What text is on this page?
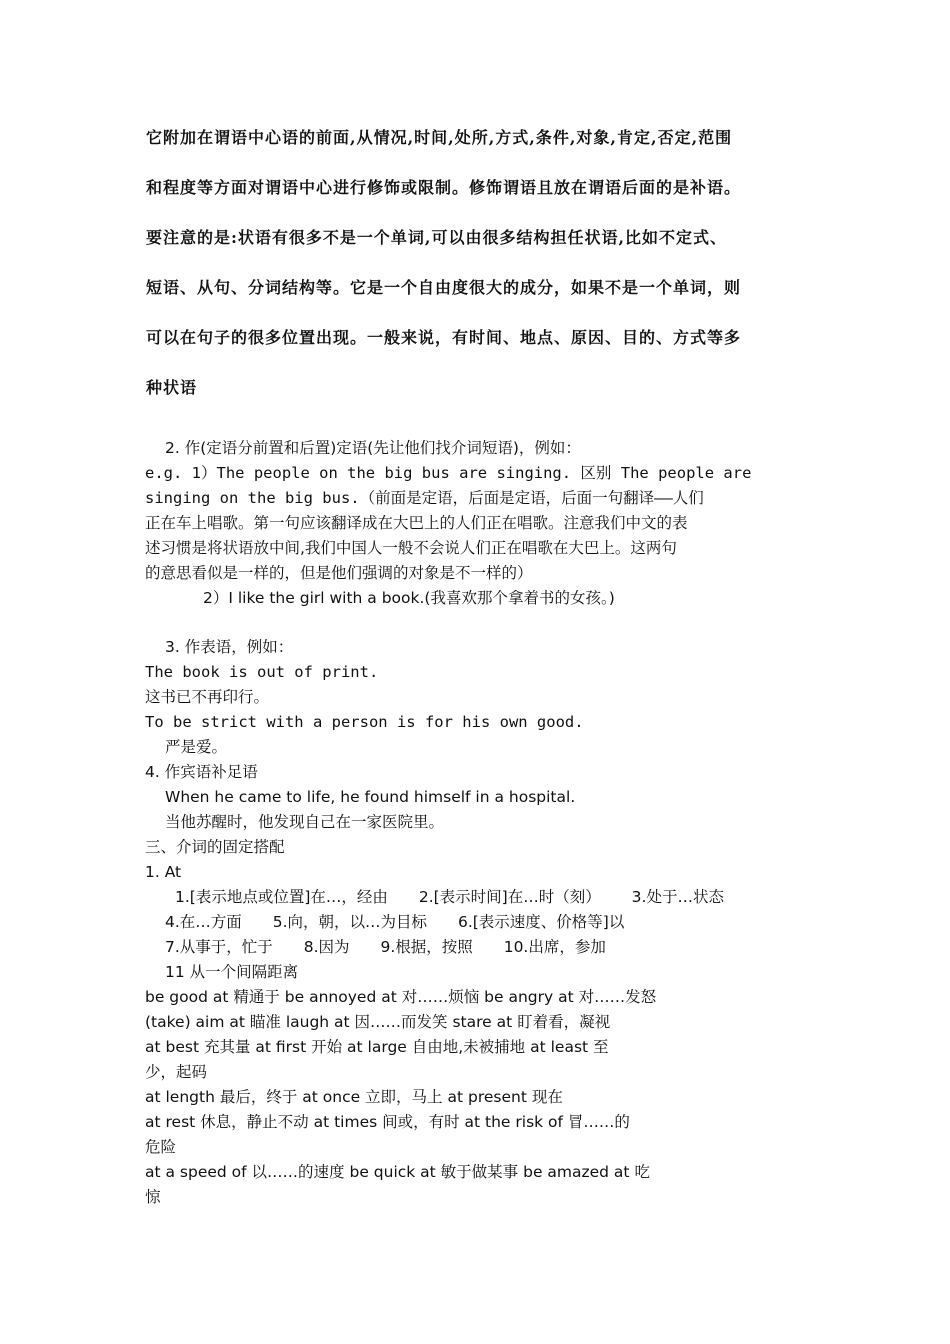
它附加在谓语中心语的前面,从情况,时间,处所,方式,条件,对象,肯定,否定,范围
和程度等方面对谓语中心进行修饰或限制。修饰谓语且放在谓语后面的是补语。
要注意的是:状语有很多不是一个单词,可以由很多结构担任状语,比如不定式、
短语、从句、分词结构等。它是一个自由度很大的成分，如果不是一个单词，则
可以在句子的很多位置出现。一般来说，有时间、地点、原因、目的、方式等多
种状语
2. 作(定语分前置和后置)定语(先让他们找介词短语)，例如：
e.g. 1）The people on the big bus are singing. 区别 The people are
singing on the big bus.（前面是定语，后面是定语，后面一句翻译——人们
正在车上唱歌。第一句应该翻译成在大巴上的人们正在唱歌。注意我们中文的表
述习惯是将状语放中间,我们中国人一般不会说人们正在唱歌在大巴上。这两句
的意思看似是一样的，但是他们强调的对象是不一样的）
2）I like the girl with a book.(我喜欢那个拿着书的女孩。)
3. 作表语，例如：
The book is out of print.
这书已不再印行。
To be strict with a person is for his own good.
严是爱。
4. 作宾语补足语
When he came to life, he found himself in a hospital.
当他苏醒时，他发现自己在一家医院里。
三、介词的固定搭配
1. At
1.[表示地点或位置]在…，经由 2.[表示时间]在…时（刻） 3.处于…状态
4.在…方面 5.向，朝，以…为目标 6.[表示速度、价格等]以
7.从事于，忙于 8.因为 9.根据，按照 10.出席，参加
11 从一个间隔距离
be good at 精通于 be annoyed at 对……烦恼 be angry at 对……发怒
(take) aim at 瞄准 laugh at 因……而发笑 stare at 盯着看，凝视
at best 充其量 at first 开始 at large 自由地,未被捕地 at least 至
少，起码
at length 最后，终于 at once 立即，马上 at present 现在
at rest 休息，静止不动 at times 间或，有时 at the risk of 冒……的
危险
at a speed of 以……的速度 be quick at 敏于做某事 be amazed at 吃
惊
